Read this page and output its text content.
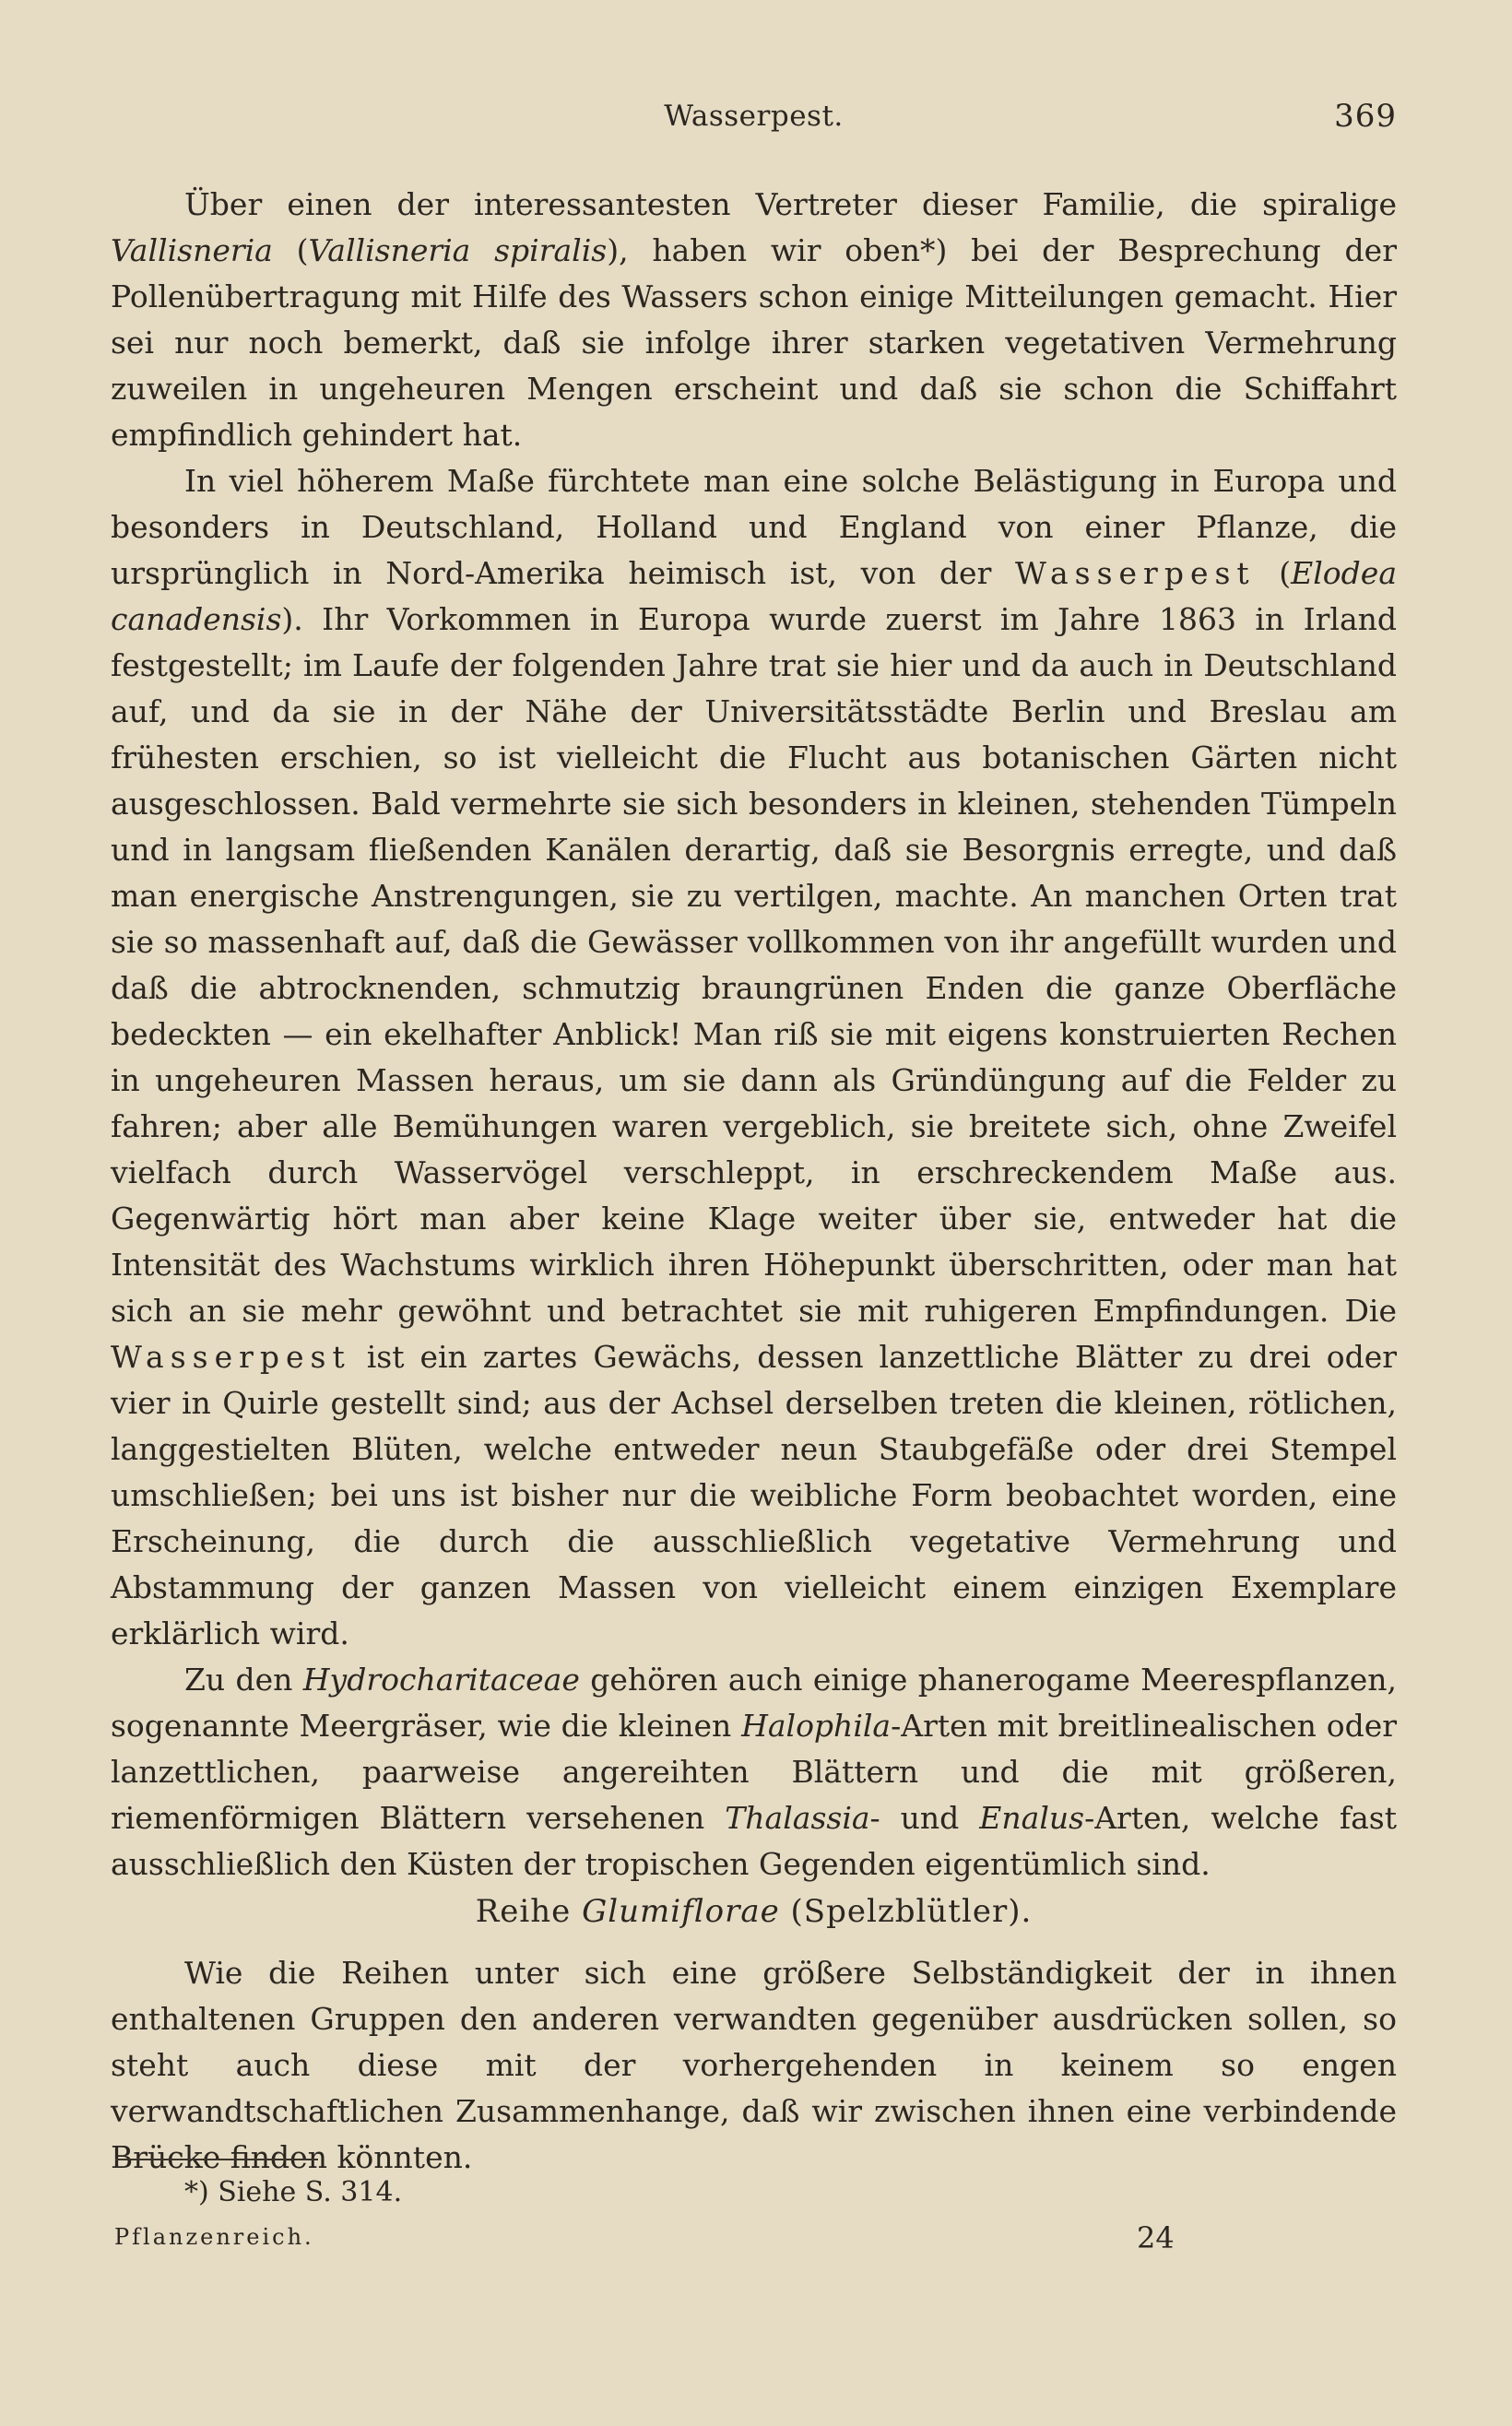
Wasserpest.	369

Über einen der interessantesten Vertreter dieser Familie, die spiralige Vallisneria (Vallisneria spiralis), haben wir oben*) bei der Besprechung der Pollenübertragung mit Hilfe des Wassers schon einige Mitteilungen gemacht. Hier sei nur noch bemerkt, daß sie infolge ihrer starken vegetativen Vermehrung zuweilen in ungeheuren Mengen erscheint und daß sie schon die Schiffahrt empfindlich gehindert hat.

In viel höherem Maße fürchtete man eine solche Belästigung in Europa und besonders in Deutschland, Holland und England von einer Pflanze, die ursprünglich in Nord-Amerika heimisch ist, von der Wasserpest (Elodea canadensis). Ihr Vorkommen in Europa wurde zuerst im Jahre 1863 in Irland festgestellt; im Laufe der folgenden Jahre trat sie hier und da auch in Deutschland auf, und da sie in der Nähe der Universitätsstädte Berlin und Breslau am frühesten erschien, so ist vielleicht die Flucht aus botanischen Gärten nicht ausgeschlossen. Bald vermehrte sie sich besonders in kleinen, stehenden Tümpeln und in langsam fließenden Kanälen derartig, daß sie Besorgnis erregte, und daß man energische Anstrengungen, sie zu vertilgen, machte. An manchen Orten trat sie so massenhaft auf, daß die Gewässer vollkommen von ihr angefüllt wurden und daß die abtrocknenden, schmutzig braungrünen Enden die ganze Oberfläche bedeckten — ein ekelhafter Anblick! Man riß sie mit eigens konstruierten Rechen in ungeheuren Massen heraus, um sie dann als Gründüngung auf die Felder zu fahren; aber alle Bemühungen waren vergeblich, sie breitete sich, ohne Zweifel vielfach durch Wasservögel verschleppt, in erschreckendem Maße aus. Gegenwärtig hört man aber keine Klage weiter über sie, entweder hat die Intensität des Wachstums wirklich ihren Höhepunkt überschritten, oder man hat sich an sie mehr gewöhnt und betrachtet sie mit ruhigeren Empfindungen. Die Wasserpest ist ein zartes Gewächs, dessen lanzettliche Blätter zu drei oder vier in Quirle gestellt sind; aus der Achsel derselben treten die kleinen, rötlichen, langgestielten Blüten, welche entweder neun Staubgefäße oder drei Stempel umschließen; bei uns ist bisher nur die weibliche Form beobachtet worden, eine Erscheinung, die durch die ausschließlich vegetative Vermehrung und Abstammung der ganzen Massen von vielleicht einem einzigen Exemplare erklärlich wird.

Zu den Hydrocharitaceae gehören auch einige phanerogame Meerespflanzen, sogenannte Meergräser, wie die kleinen Halophila-Arten mit breitlinealischen oder lanzettlichen, paarweise angereihten Blättern und die mit größeren, riemenförmigen Blättern versehenen Thalassia- und Enalus-Arten, welche fast ausschließlich den Küsten der tropischen Gegenden eigentümlich sind.

Reihe Glumiflorae (Spelzblütler).

Wie die Reihen unter sich eine größere Selbständigkeit der in ihnen enthaltenen Gruppen den anderen verwandten gegenüber ausdrücken sollen, so steht auch diese mit der vorhergehenden in keinem so engen verwandtschaftlichen Zusammenhange, daß wir zwischen ihnen eine verbindende Brücke finden könnten.

*) Siehe S. 314.
Pflanzenreich.	24
